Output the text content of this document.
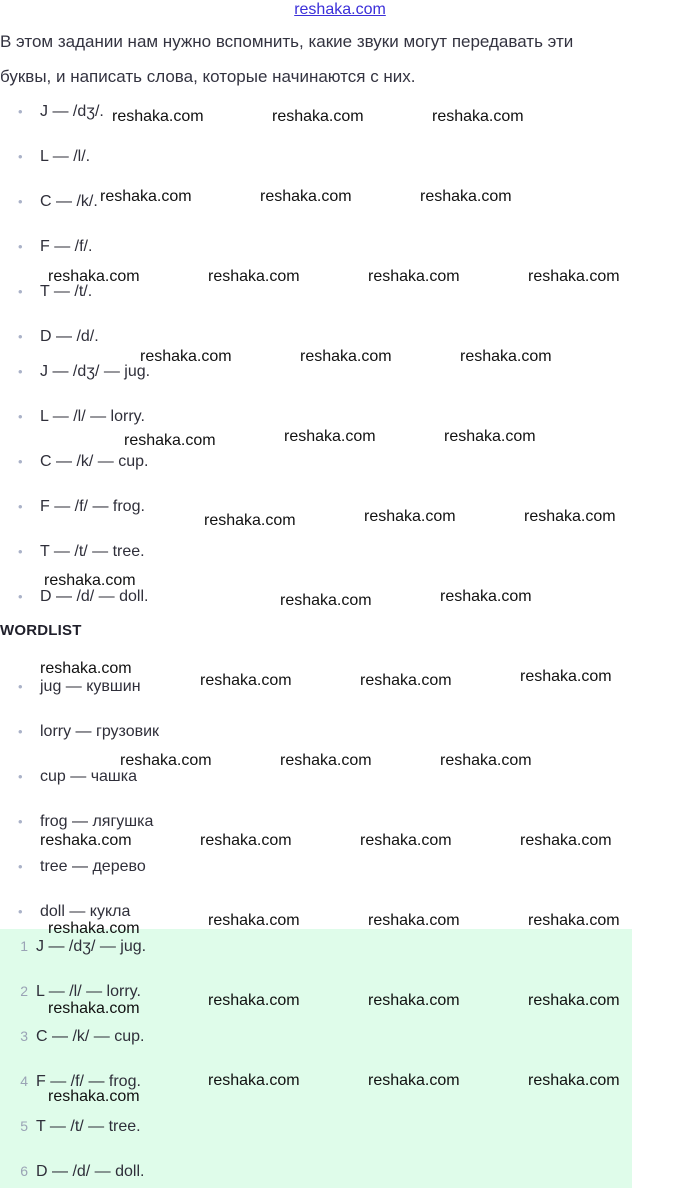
reshaka.com
В этом задании нам нужно вспомнить, какие звуки могут передавать эти
буквы, и написать слова, которые начинаются с них.
• J — /dʒ/.
• L — /l/.
• C — /k/.
• F — /f/.
• T — /t/.
• D — /d/.
• J — /dʒ/ — jug.
• L — /l/ — lorry.
• C — /k/ — cup.
• F — /f/ — frog.
• T — /t/ — tree.
• D — /d/ — doll.
WORDLIST
• jug — кувшин
• lorry — грузовик
• cup — чашка
• frog — лягушка
• tree — дерево
• doll — кукла
1 J — /dʒ/ — jug.
2 L — /l/ — lorry.
3 C — /k/ — cup.
4 F — /f/ — frog.
5 T — /t/ — tree.
6 D — /d/ — doll.
reshaka.com	reshaka.com	reshaka.com
reshaka.com	reshaka.com	reshaka.com
reshaka.com	reshaka.com	reshaka.com	reshaka.com
reshaka.com	reshaka.com	reshaka.com
reshaka.com	reshaka.com	reshaka.com
reshaka.com	reshaka.com	reshaka.com
reshaka.com
reshaka.com	reshaka.com
reshaka.com
reshaka.com	reshaka.com	reshaka.com
reshaka.com	reshaka.com	reshaka.com
reshaka.com	reshaka.com	reshaka.com	reshaka.com
reshaka.com	reshaka.com	reshaka.com	reshaka.com
reshaka.com	reshaka.com	reshaka.com	reshaka.com
reshaka.com
reshaka.com	reshaka.com	reshaka.com
